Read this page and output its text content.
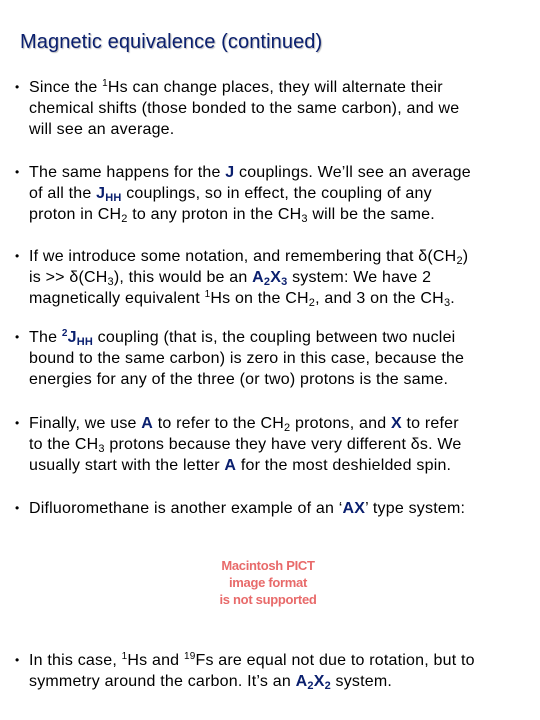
Magnetic equivalence (continued)
• Since the $^1$Hs can change places, they will alternate their
chemical shifts (those bonded to the same carbon), and we
will see an average.
• The same happens for the J couplings. We’ll see an average
of all the $J_{HH}$ couplings, so in effect, the coupling of any
proton in $CH_2$ to any proton in the $CH_3$ will be the same.
• If we introduce some notation, and remembering that $\delta(CH_2)$
is >> $\delta(CH_3)$, this would be an $A_2X_3$ system: We have 2
magnetically equivalent $^1$Hs on the $CH_2$, and 3 on the $CH_3$.
• The $^2J_{HH}$ coupling (that is, the coupling between two nuclei
bound to the same carbon) is zero in this case, because the
energies for any of the three (or two) protons is the same.
• Finally, we use A to refer to the $CH_2$ protons, and X to refer
to the $CH_3$ protons because they have very different δs. We
usually start with the letter A for the most deshielded spin.
• Difluoromethane is another example of an ‘AX’ type system:
Macintosh PICT
image format
is not supported
• In this case, $^1$Hs and $^{19}$Fs are equal not due to rotation, but to
symmetry around the carbon. It’s an $A_2X_2$ system.
